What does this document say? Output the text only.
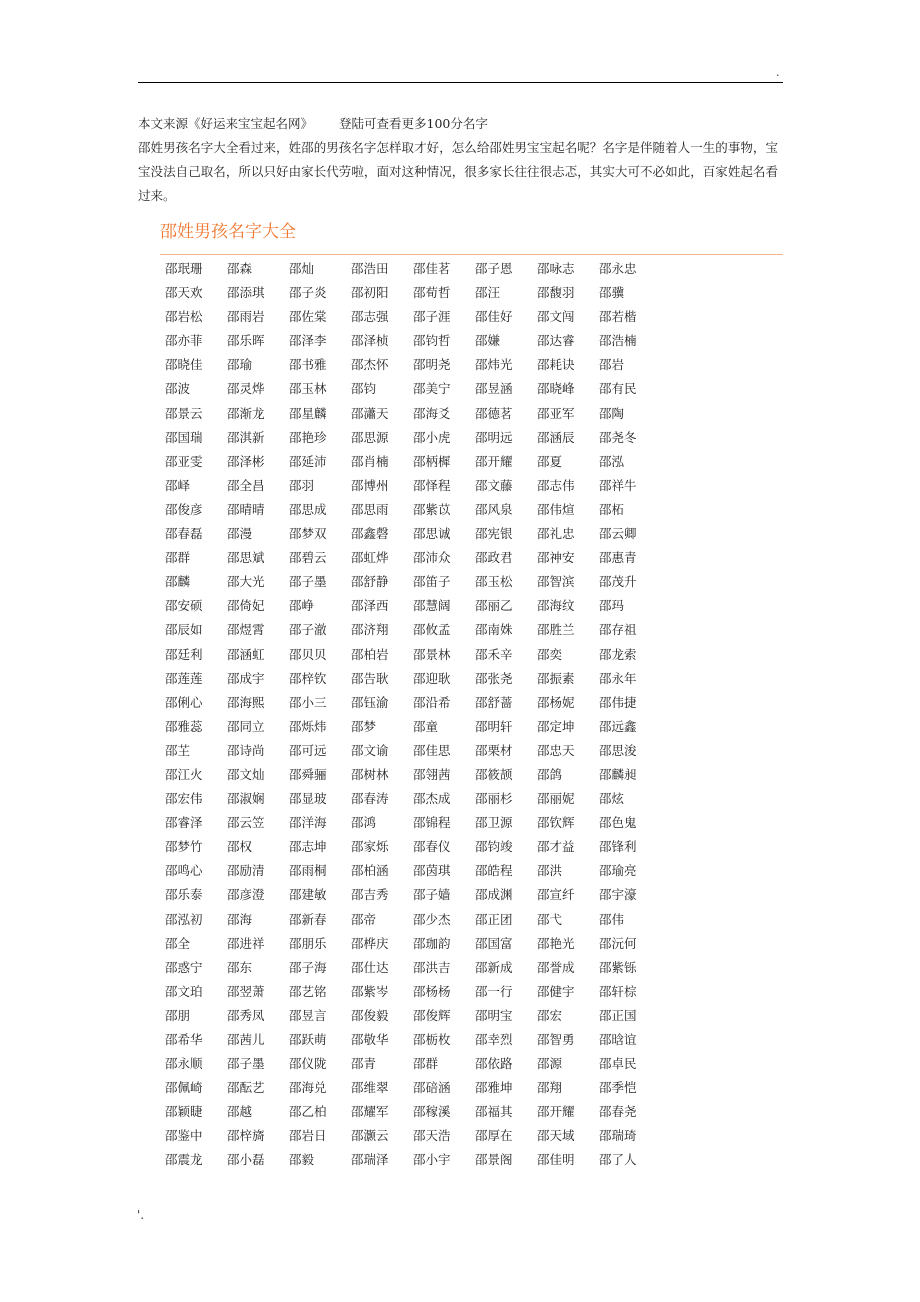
.
本文来源《好运来宝宝起名网》 登陆可查看更多100分名字
邵姓男孩名字大全看过来，姓邵的男孩名字怎样取才好，怎么给邵姓男宝宝起名呢？名字是伴随着人一生的事物，宝宝没法自己取名，所以只好由家长代劳啦，面对这种情况，很多家长往往很忐忑，其实大可不必如此，百家姓起名看过来。
邵姓男孩名字大全
邵珉珊	邵森	邵灿	邵浩田	邵佳茗	邵子恩	邵咏志	邵永忠
邵天欢	邵添琪	邵子炎	邵初阳	邵荀哲	邵汪	邵馥羽	邵骥
邵岩松	邵雨岩	邵佐棠	邵志强	邵子涯	邵佳好	邵文闯	邵若楷
邵亦菲	邵乐晖	邵泽李	邵泽桢	邵钧哲	邵嫌	邵达睿	邵浩楠
邵晓佳	邵瑜	邵书雅	邵杰怀	邵明尧	邵炜光	邵耗诀	邵岩
邵波	邵灵烨	邵玉林	邵钧	邵美宁	邵昱涵	邵晓峰	邵有民
邵景云	邵渐龙	邵星麟	邵瀟天	邵海爻	邵德茗	邵亚军	邵陶
邵国瑞	邵淇新	邵艳珍	邵思源	邵小虎	邵明远	邵涵辰	邵尧冬
邵亚雯	邵泽彬	邵延沛	邵肖楠	邵柄樨	邵开耀	邵夏	邵泓
邵峄	邵全昌	邵羽	邵博州	邵怿程	邵文藤	邵志伟	邵祥牛
邵俊彦	邵晴晴	邵思成	邵思雨	邵紫苡	邵风泉	邵伟煊	邵柘
邵春磊	邵漫	邵梦双	邵鑫磬	邵思诚	邵宪银	邵礼忠	邵云卿
邵群	邵思斌	邵碧云	邵虹烨	邵沛众	邵政君	邵神安	邵惠青
邵麟	邵大光	邵子墨	邵舒静	邵笛子	邵玉松	邵智滨	邵茂升
邵安硕	邵倚妃	邵峥	邵泽西	邵慧阔	邵丽乙	邵海纹	邵玛
邵辰如	邵煜霄	邵子澈	邵济翔	邵攸孟	邵南姝	邵胜兰	邵存祖
邵廷利	邵涵虹	邵贝贝	邵柏岩	邵景林	邵禾辛	邵奕	邵龙索
邵莲莲	邵成宇	邵梓钦	邵告耿	邵迎耿	邵张尧	邵振素	邵永年
邵俐心	邵海熙	邵小三	邵钰渝	邵沿希	邵舒蔷	邵杨妮	邵伟捷
邵雅蕊	邵同立	邵烁炜	邵梦	邵童	邵明轩	邵定坤	邵远鑫
邵芏	邵诗尚	邵可远	邵文谕	邵佳思	邵栗材	邵忠天	邵思浚
邵江火	邵文灿	邵舜骊	邵树林	邵翎茜	邵筱颉	邵鸽	邵麟昶
邵宏伟	邵淑娴	邵显玻	邵春涛	邵杰成	邵丽杉	邵丽妮	邵炫
邵睿泽	邵云笠	邵洋海	邵鸿	邵锦程	邵卫源	邵钦辉	邵色鬼
邵梦竹	邵权	邵志坤	邵家烁	邵春仪	邵钧竣	邵才益	邵锋利
邵鸣心	邵励清	邵雨桐	邵柏涵	邵茵琪	邵皓程	邵洪	邵瑜亮
邵乐泰	邵彦澄	邵建敏	邵吉秀	邵子嫱	邵成渊	邵宣纤	邵宇濠
邵泓初	邵海	邵新春	邵帝	邵少杰	邵正团	邵弋	邵伟
邵全	邵进祥	邵朋乐	邵桦庆	邵珈韵	邵国富	邵艳光	邵沅何
邵惑宁	邵东	邵子海	邵仕达	邵洪吉	邵新成	邵誉成	邵紫铄
邵文珀	邵翌萧	邵艺铭	邵紫岑	邵杨杨	邵一行	邵健宇	邵轩棕
邵朋	邵秀凤	邵昱言	邵俊毅	邵俊辉	邵明宝	邵宏	邵正国
邵希华	邵茜儿	邵跃萌	邵敬华	邵栃枚	邵幸烈	邵智勇	邵晗谊
邵永顺	邵子墨	邵仪陇	邵青	邵群	邵依路	邵源	邵卓民
邵佩崎	邵酝艺	邵海兑	邵维翠	邵碚涵	邵雅坤	邵翔	邵季恺
邵颖睫	邵越	邵乙柏	邵耀军	邵稼溪	邵福其	邵开耀	邵春尧
邵鉴中	邵梓旖	邵岩日	邵灏云	邵天浩	邵厚在	邵天域	邵瑞琦
邵震龙	邵小磊	邵毅	邵瑞泽	邵小宇	邵景阁	邵佳明	邵了人
'.
